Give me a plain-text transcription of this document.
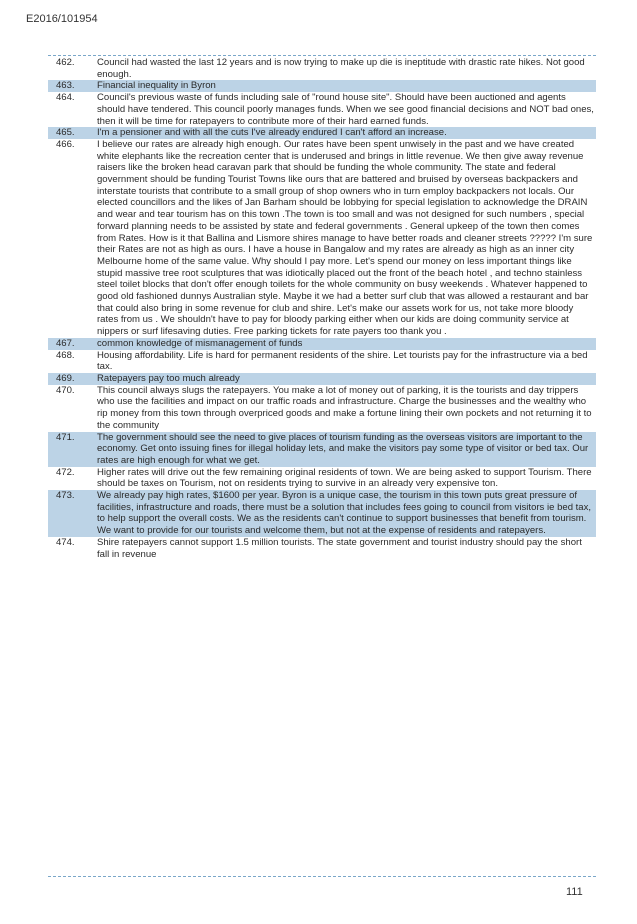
E2016/101954
462.	Council had wasted the last 12 years and is now trying to make up die is ineptitude with drastic rate hikes. Not good enough.
463.	Financial inequality in Byron
464.	Council's previous waste of funds including sale of "round house site". Should have been auctioned and agents should have tendered. This council poorly manages funds. When we see good financial decisions and NOT bad ones, then it will be time for ratepayers to contribute more of their hard earned funds.
465.	I'm a pensioner and with all the cuts I've already endured I can't afford an increase.
466.	I believe our rates are already high enough. Our rates have been spent unwisely in the past and we have created white elephants like the recreation center that is underused and brings in little revenue. We then give away revenue raisers like the broken head caravan park that should be funding the whole community. The state and federal government should be funding Tourist Towns like ours that are battered and bruised by overseas backpackers and interstate tourists that contribute to a small group of shop owners who in turn employ backpackers not locals. Our elected councillors and the likes of Jan Barham should be lobbying for special legislation to acknowledge the DRAIN and wear and tear tourism has on this town .The town is too small and was not designed for such numbers , special forward planning needs to be assisted by state and federal governments . General upkeep of the town then comes from Rates. How is it that Ballina and Lismore shires manage to have better roads and cleaner streets ????? I'm sure their Rates are not as high as ours. I have a house in Bangalow and my rates are already as high as an inner city Melbourne home of the same value. Why should I pay more. Let's spend our money on less important things like stupid massive tree root sculptures that was idiotically placed out the front of the beach hotel , and techno stainless steel toilet blocks that don't offer enough toilets for the whole community on busy weekends . Whatever happened to good old fashioned dunnys Australian style. Maybe it we had a better surf club that was allowed a restaurant and bar that could also bring in some revenue for club and shire. Let's make our assets work for us, not take more bloody rates from us . We shouldn't have to pay for bloody parking either when our kids are doing community service at nippers or surf lifesaving duties. Free parking tickets for rate payers too thank you .
467.	common knowledge of mismanagement of funds
468.	Housing affordability. Life is hard for permanent residents of the shire. Let tourists pay for the infrastructure via a bed tax.
469.	Ratepayers pay too much already
470.	This council always slugs the ratepayers. You make a lot of money out of parking, it is the tourists and day trippers who use the facilities and impact on our traffic roads and infrastructure. Charge the businesses and the wealthy who rip money from this town through overpriced goods and make a fortune lining their own pockets and not returning it to the community
471.	The government should see the need to give places of tourism funding as the overseas visitors are important to the economy. Get onto issuing fines for illegal holiday lets, and make the visitors pay some type of visitor or bed tax. Our rates are high enough for what we get.
472.	Higher rates will drive out the few remaining original residents of town. We are being asked to support Tourism. There should be taxes on Tourism, not on residents trying to survive in an already very expensive ton.
473.	We already pay high rates, $1600 per year. Byron is a unique case, the tourism in this town puts great pressure of facilities, infrastructure and roads, there must be a solution that includes fees going to council from visitors ie bed tax, to help support the overall costs. We as the residents can't continue to support businesses that benefit from tourism. We want to provide for our tourists and welcome them, but not at the expense of residents and ratepayers.
474.	Shire ratepayers cannot support 1.5 million tourists. The state government and tourist industry should pay the short fall in revenue
111
